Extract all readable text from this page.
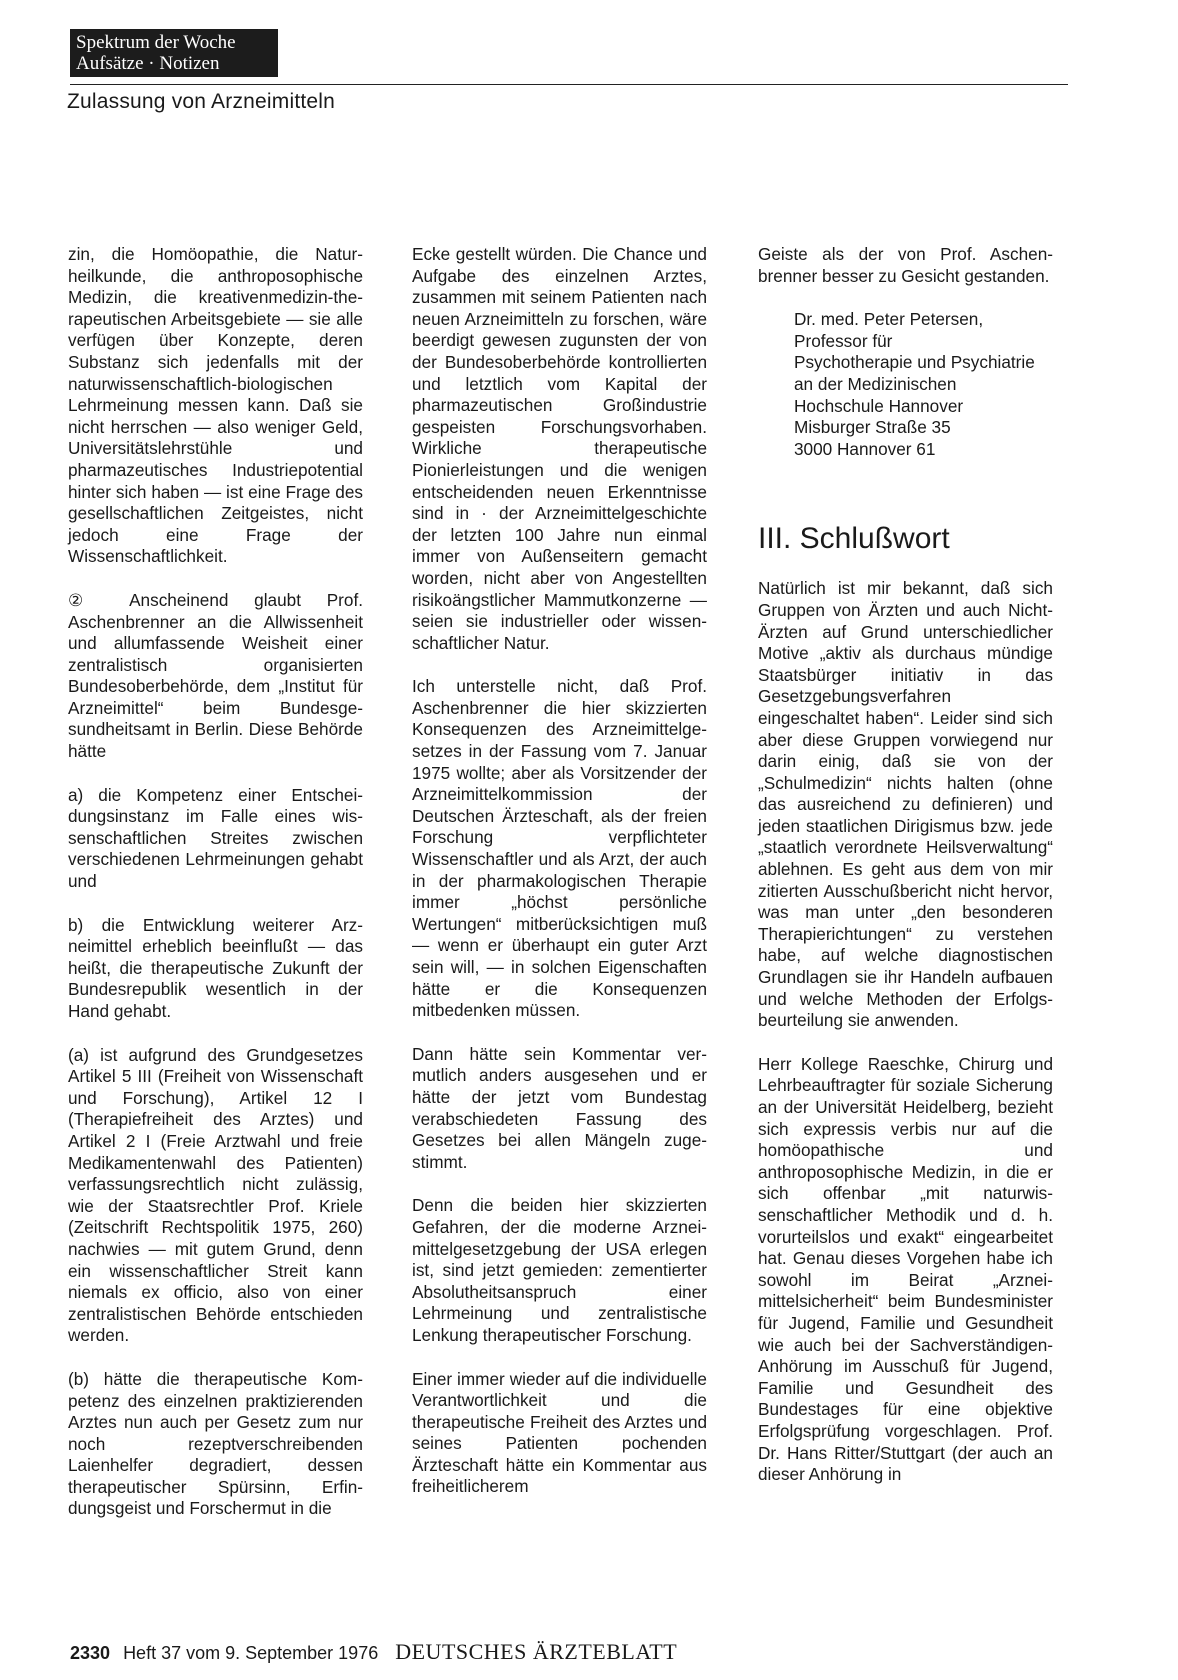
Spektrum der Woche
Aufsätze · Notizen
Zulassung von Arzneimitteln

zin, die Homöopathie, die Naturheilkunde, die anthroposophische Medizin, die kreativenmedizin-therapeutischen Arbeitsgebiete — sie alle verfügen über Konzepte, deren Substanz sich jedenfalls mit der naturwissenschaftlich-biologischen Lehrmeinung messen kann. Daß sie nicht herrschen — also weniger Geld, Universitätslehrstühle und pharmazeutisches Industriepotential hinter sich haben — ist eine Frage des gesellschaftlichen Zeitgeistes, nicht jedoch eine Frage der Wissenschaftlichkeit.

② Anscheinend glaubt Prof. Aschenbrenner an die Allwissenheit und allumfassende Weisheit einer zentralistisch organisierten Bundesoberbehörde, dem „Institut für Arzneimittel“ beim Bundesgesundheitsamt in Berlin. Diese Behörde hätte

a) die Kompetenz einer Entscheidungsinstanz im Falle eines wissenschaftlichen Streites zwischen verschiedenen Lehrmeinungen gehabt und

b) die Entwicklung weiterer Arzneimittel erheblich beeinflußt — das heißt, die therapeutische Zukunft der Bundesrepublik wesentlich in der Hand gehabt.

(a) ist aufgrund des Grundgesetzes Artikel 5 III (Freiheit von Wissenschaft und Forschung), Artikel 12 I (Therapiefreiheit des Arztes) und Artikel 2 I (Freie Arztwahl und freie Medikamentenwahl des Patienten) verfassungsrechtlich nicht zulässig, wie der Staatsrechtler Prof. Kriele (Zeitschrift Rechtspolitik 1975, 260) nachwies — mit gutem Grund, denn ein wissenschaftlicher Streit kann niemals ex officio, also von einer zentralistischen Behörde entschieden werden.

(b) hätte die therapeutische Kompetenz des einzelnen praktizierenden Arztes nun auch per Gesetz zum nur noch rezeptverschreibenden Laienhelfer degradiert, dessen therapeutischer Spürsinn, Erfindungsgeist und Forschermut in die

Ecke gestellt würden. Die Chance und Aufgabe des einzelnen Arztes, zusammen mit seinem Patienten nach neuen Arzneimitteln zu forschen, wäre beerdigt gewesen zugunsten der von der Bundesoberbehörde kontrollierten und letztlich vom Kapital der pharmazeutischen Großindustrie gespeisten Forschungsvorhaben. Wirkliche therapeutische Pionierleistungen und die wenigen entscheidenden neuen Erkenntnisse sind in · der Arzneimittelgeschichte der letzten 100 Jahre nun einmal immer von Außenseitern gemacht worden, nicht aber von Angestellten risikoängstlicher Mammutkonzerne — seien sie industrieller oder wissenschaftlicher Natur.

Ich unterstelle nicht, daß Prof. Aschenbrenner die hier skizzierten Konsequenzen des Arzneimittelgesetzes in der Fassung vom 7. Januar 1975 wollte; aber als Vorsitzender der Arzneimittelkommission der Deutschen Ärzteschaft, als der freien Forschung verpflichteter Wissenschaftler und als Arzt, der auch in der pharmakologischen Therapie immer „höchst persönliche Wertungen“ mitberücksichtigen muß — wenn er überhaupt ein guter Arzt sein will, — in solchen Eigenschaften hätte er die Konsequenzen mitbedenken müssen.

Dann hätte sein Kommentar vermutlich anders ausgesehen und er hätte der jetzt vom Bundestag verabschiedeten Fassung des Gesetzes bei allen Mängeln zugestimmt.

Denn die beiden hier skizzierten Gefahren, der die moderne Arzneimittelgesetzgebung der USA erlegen ist, sind jetzt gemieden: zementierter Absolutheitsanspruch einer Lehrmeinung und zentralistische Lenkung therapeutischer Forschung.

Einer immer wieder auf die individuelle Verantwortlichkeit und die therapeutische Freiheit des Arztes und seines Patienten pochenden Ärzteschaft hätte ein Kommentar aus freiheitlicherem

Geiste als der von Prof. Aschenbrenner besser zu Gesicht gestanden.

Dr. med. Peter Petersen,
Professor für
Psychotherapie und Psychiatrie
an der Medizinischen
Hochschule Hannover
Misburger Straße 35
3000 Hannover 61
III. Schlußwort

Natürlich ist mir bekannt, daß sich Gruppen von Ärzten und auch Nicht-Ärzten auf Grund unterschiedlicher Motive „aktiv als durchaus mündige Staatsbürger initiativ in das Gesetzgebungsverfahren eingeschaltet haben“. Leider sind sich aber diese Gruppen vorwiegend nur darin einig, daß sie von der „Schulmedizin“ nichts halten (ohne das ausreichend zu definieren) und jeden staatlichen Dirigismus bzw. jede „staatlich verordnete Heilsverwaltung“ ablehnen. Es geht aus dem von mir zitierten Ausschußbericht nicht hervor, was man unter „den besonderen Therapierichtungen“ zu verstehen habe, auf welche diagnostischen Grundlagen sie ihr Handeln aufbauen und welche Methoden der Erfolgsbeurteilung sie anwenden.

Herr Kollege Raeschke, Chirurg und Lehrbeauftragter für soziale Sicherung an der Universität Heidelberg, bezieht sich expressis verbis nur auf die homöopathische und anthroposophische Medizin, in die er sich offenbar „mit naturwissenschaftlicher Methodik und d. h. vorurteilslos und exakt“ eingearbeitet hat. Genau dieses Vorgehen habe ich sowohl im Beirat „Arzneimittelsicherheit“ beim Bundesminister für Jugend, Familie und Gesundheit wie auch bei der Sachverständigen-Anhörung im Ausschuß für Jugend, Familie und Gesundheit des Bundestages für eine objektive Erfolgsprüfung vorgeschlagen. Prof. Dr. Hans Ritter/Stuttgart (der auch an dieser Anhörung in

2330 Heft 37 vom 9. September 1976 DEUTSCHES ÄRZTEBLATT
